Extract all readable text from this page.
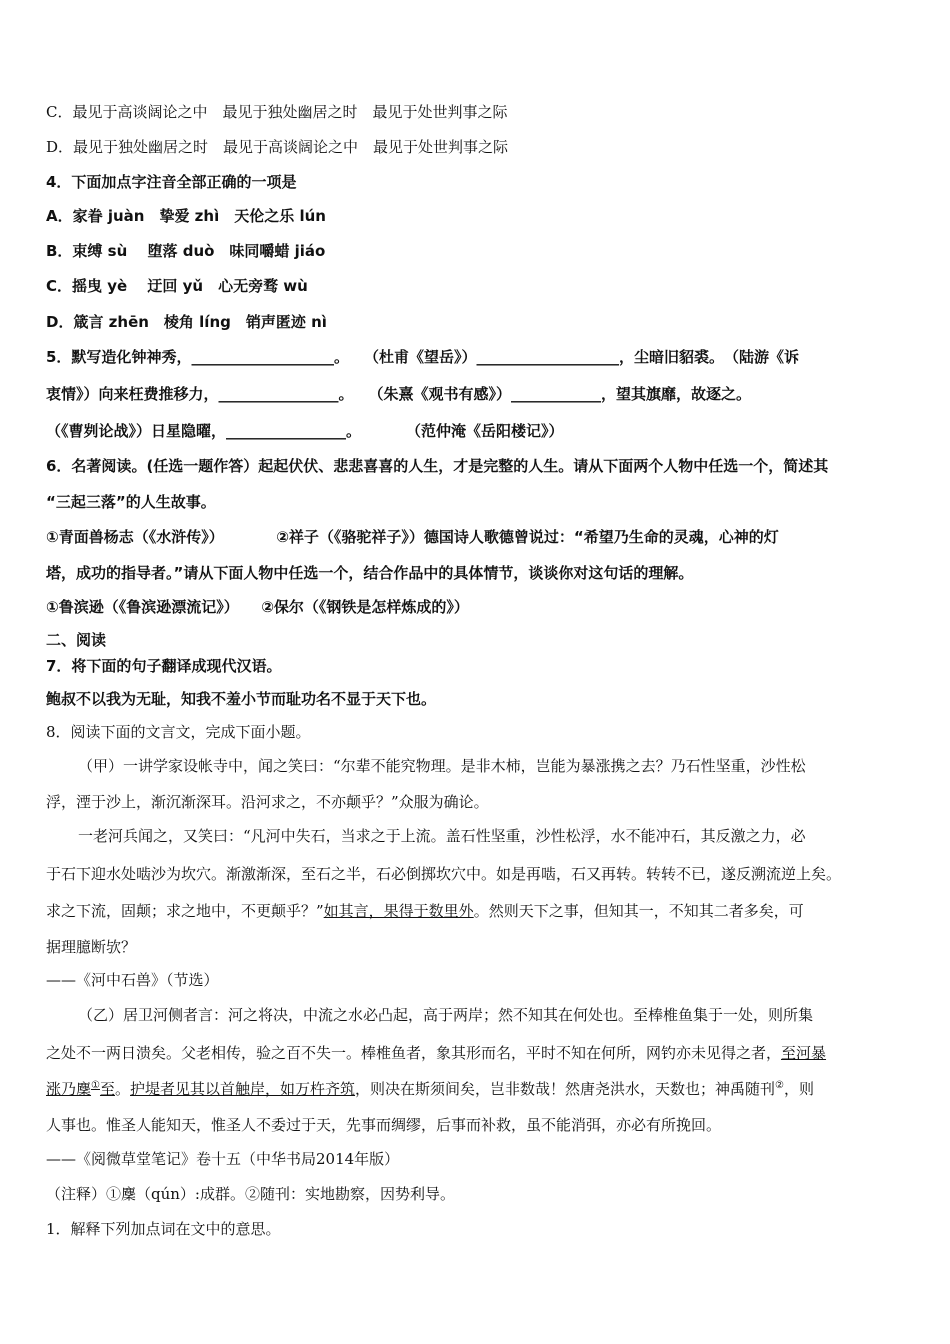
C．最见于高谈阔论之中　最见于独处幽居之时　最见于处世判事之际
D．最见于独处幽居之时　最见于高谈阔论之中　最见于处世判事之际
4．下面加点字注音全部正确的一项是
A．家眷 juàn　挚爱 zhì　天伦之乐 lún
B．束缚 sù　 堕落 duò　味同嚼蜡 jiáo
C．摇曳 yè　 迂回 yǔ　心无旁骛 wù
D．箴言 zhēn　棱角 líng　销声匿迹 nì
5．默写造化钟神秀，___________________。　　（杜甫《望岳》）___________________，尘暗旧貂裘。　（陆游《诉
衷情》）向来枉费推移力，________________。　　（朱熹《观书有感》）____________，望其旗靡，故逐之。
（《曹刿论战》）日星隐曜，________________。　　　　（范仲淹《岳阳楼记》）
6．名著阅读。(任选一题作答）起起伏伏、悲悲喜喜的人生，才是完整的人生。请从下面两个人物中任选一个，简述其
“三起三落”的人生故事。
①青面兽杨志（《水浒传》）　　　　②祥子（《骆驼祥子》）德国诗人歌德曾说过：“希望乃生命的灵魂，心神的灯
塔，成功的指导者。”请从下面人物中任选一个，结合作品中的具体情节，谈谈你对这句话的理解。
①鲁滨逊（《鲁滨逊漂流记》）　　②保尔（《钢铁是怎样炼成的》）
二、阅读
7．将下面的句子翻译成现代汉语。
鲍叔不以我为无耻，知我不羞小节而耻功名不显于天下也。
8．阅读下面的文言文，完成下面小题。
（甲）一讲学家设帐寺中，闻之笑曰：“尔辈不能究物理。是非木柿，岂能为暴涨携之去？乃石性坚重，沙性松
浮，湮于沙上，渐沉渐深耳。沿河求之，不亦颠乎？”众服为确论。
一老河兵闻之，又笑曰：“凡河中失石，当求之于上流。盖石性坚重，沙性松浮，水不能冲石，其反激之力，必
于石下迎水处啮沙为坎穴。渐激渐深，至石之半，石必倒掷坎穴中。如是再啮，石又再转。转转不已，遂反溯流逆上矣。
求之下流，固颠；求之地中，不更颠乎？”如其言，果得于数里外。然则天下之事，但知其一，不知其二者多矣，可
据理臆断欤？
——《河中石兽》（节选）
（乙）居卫河侧者言：河之将决，中流之水必凸起，高于两岸；然不知其在何处也。至棒椎鱼集于一处，则所集
之处不一两日溃矣。父老相传，验之百不失一。棒椎鱼者，象其形而名，平时不知在何所，网钓亦未见得之者，至河暴
涨乃麇①至。护堤者见其以首触岸，如万杵齐筑，则决在斯须间矣，岂非数哉！然唐尧洪水，天数也；神禹随刊②，则
人事也。惟圣人能知天，惟圣人不委过于天，先事而绸缪，后事而补救，虽不能消弭，亦必有所挽回。
——《阅微草堂笔记》卷十五（中华书局2014年版）
（注释）①麇（qún）:成群。②随刊：实地勘察，因势利导。
1．解释下列加点词在文中的意思。
